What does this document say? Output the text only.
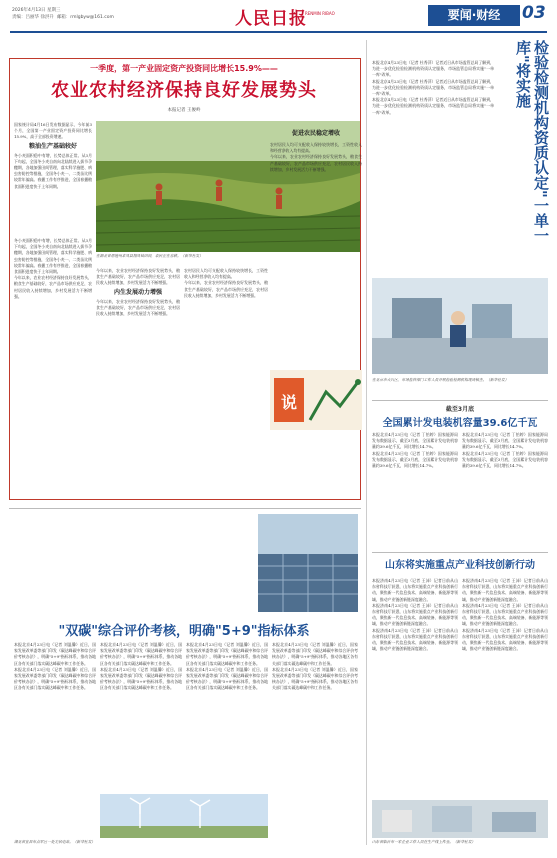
2026年4月13日 星期三
责编：吕丽华 徐洪升 邮箱：rmlgbyw@161.com	人民日报
RENMIN RIBAO	要闻·财经	03
一季度，第一产业固定资产投资同比增长15.9%——
农业农村经济保持良好发展势头
本报记者 王俊岭
国家统计局4月16日发布数据显示，今年前3个月，全国第一产业固定资产投资同比增长15.9%，高于全部投资增速。
粮油生产基础较好
冬小麦面积稳中有增，长势总体正常。从3月下旬起，全国冬小麦自南向北陆续进入拔节孕穗期，各地加强田间管理，落实科学施肥、病虫害防控等措施，全国冬小麦一、二类苗比例较常年偏高。春播工作有序推进，全国春播粮食面积进度快于上年同期。
在湖北省恩施州来凤县翔凤镇田间，农民正在春耕。（新华社发）
冬小麦面积稳中有增，长势总体正常。从3月下旬起，全国冬小麦自南向北陆续进入拔节孕穗期，各地加强田间管理，落实科学施肥、病虫害防控等措施，全国冬小麦一、二类苗比例较常年偏高。春播工作有序推进，全国春播粮食面积进度快于上年同期。
今年以来，农业农村经济保持良好发展势头，粮食生产基础较好，农产品市场供应充足，农村居民收入持续增加，乡村发展活力不断增强。
今年以来，农业农村经济保持良好发展势头，粮食生产基础较好，农产品市场供应充足，农村居民收入持续增加，乡村发展活力不断增强。
内生发展动力增强
今年以来，农业农村经济保持良好发展势头，粮食生产基础较好，农产品市场供应充足，农村居民收入持续增加，乡村发展活力不断增强。
农村居民人均可支配收入保持较快增长，工资性收入和经营净收入均有提高。
今年以来，农业农村经济保持良好发展势头，粮食生产基础较好，农产品市场供应充足，农村居民收入持续增加，乡村发展活力不断增强。
促进农民稳定增收
农村居民人均可支配收入保持较快增长，工资性收入和经营净收入均有提高。
今年以来，农业农村经济保持良好发展势头，粮食生产基础较好，农产品市场供应充足，农村居民收入持续增加，乡村发展活力不断增强。
说
检验检测机构资质认定"一单一库"将实施
本报北京4月23日电（记者 杜秀萍）记者近日从市场监管总局了解到，为进一步优化检验检测机构资质认定服务，市场监管总局将实施"一单一库"改革。
本报北京4月23日电（记者 杜秀萍）记者近日从市场监管总局了解到，为进一步优化检验检测机构资质认定服务，市场监管总局将实施"一单一库"改革。
本报北京4月23日电（记者 杜秀萍）记者近日从市场监管总局了解到，为进一步优化检验检测机构资质认定服务，市场监管总局将实施"一单一库"改革。
在北京市大兴区，市场监管部门工作人员开展检验检测机构现场核查。（新华社发）
截至3月底
全国累计发电装机容量39.6亿千瓦
本报北京4月23日电（记者 丁怡婷）国家能源局发布数据显示，截至3月底，全国累计发电装机容量约39.6亿千瓦，同比增长14.7%。
本报北京4月23日电（记者 丁怡婷）国家能源局发布数据显示，截至3月底，全国累计发电装机容量约39.6亿千瓦，同比增长14.7%。
本报北京4月23日电（记者 丁怡婷）国家能源局发布数据显示，截至3月底，全国累计发电装机容量约39.6亿千瓦，同比增长14.7%。
本报北京4月23日电（记者 丁怡婷）国家能源局发布数据显示，截至3月底，全国累计发电装机容量约39.6亿千瓦，同比增长14.7%。
山东将实施重点产业科技创新行动
本报济南4月23日电（记者 王沛）记者日前从山东省科技厅获悉，山东将实施重点产业科技创新行动，聚焦新一代信息技术、高端装备、新能源等领域，推动产业链创新链深度融合。
本报济南4月23日电（记者 王沛）记者日前从山东省科技厅获悉，山东将实施重点产业科技创新行动，聚焦新一代信息技术、高端装备、新能源等领域，推动产业链创新链深度融合。
本报济南4月23日电（记者 王沛）记者日前从山东省科技厅获悉，山东将实施重点产业科技创新行动，聚焦新一代信息技术、高端装备、新能源等领域，推动产业链创新链深度融合。
本报济南4月23日电（记者 王沛）记者日前从山东省科技厅获悉，山东将实施重点产业科技创新行动，聚焦新一代信息技术、高端装备、新能源等领域，推动产业链创新链深度融合。
本报济南4月23日电（记者 王沛）记者日前从山东省科技厅获悉，山东将实施重点产业科技创新行动，聚焦新一代信息技术、高端装备、新能源等领域，推动产业链创新链深度融合。
本报济南4月23日电（记者 王沛）记者日前从山东省科技厅获悉，山东将实施重点产业科技创新行动，聚焦新一代信息技术、高端装备、新能源等领域，推动产业链创新链深度融合。
山东省临沂市一家企业工作人员在生产线上作业。（新华社发）
"双碳"综合评价考核，明确"5+9"指标体系
本报北京4月23日电（记者 刘温馨）近日，国家发展改革委等部门印发《碳达峰碳中和综合评价考核办法》，明确"5+9"指标体系，推动各地区各有关部门落实碳达峰碳中和工作任务。
本报北京4月23日电（记者 刘温馨）近日，国家发展改革委等部门印发《碳达峰碳中和综合评价考核办法》，明确"5+9"指标体系，推动各地区各有关部门落实碳达峰碳中和工作任务。
本报北京4月23日电（记者 刘温馨）近日，国家发展改革委等部门印发《碳达峰碳中和综合评价考核办法》，明确"5+9"指标体系，推动各地区各有关部门落实碳达峰碳中和工作任务。
本报北京4月23日电（记者 刘温馨）近日，国家发展改革委等部门印发《碳达峰碳中和综合评价考核办法》，明确"5+9"指标体系，推动各地区各有关部门落实碳达峰碳中和工作任务。
本报北京4月23日电（记者 刘温馨）近日，国家发展改革委等部门印发《碳达峰碳中和综合评价考核办法》，明确"5+9"指标体系，推动各地区各有关部门落实碳达峰碳中和工作任务。
本报北京4月23日电（记者 刘温馨）近日，国家发展改革委等部门印发《碳达峰碳中和综合评价考核办法》，明确"5+9"指标体系，推动各地区各有关部门落实碳达峰碳中和工作任务。
本报北京4月23日电（记者 刘温馨）近日，国家发展改革委等部门印发《碳达峰碳中和综合评价考核办法》，明确"5+9"指标体系，推动各地区各有关部门落实碳达峰碳中和工作任务。
本报北京4月23日电（记者 刘温馨）近日，国家发展改革委等部门印发《碳达峰碳中和综合评价考核办法》，明确"5+9"指标体系，推动各地区各有关部门落实碳达峰碳中和工作任务。
湖北省宜昌市点军区一处光伏电站。（新华社发）
